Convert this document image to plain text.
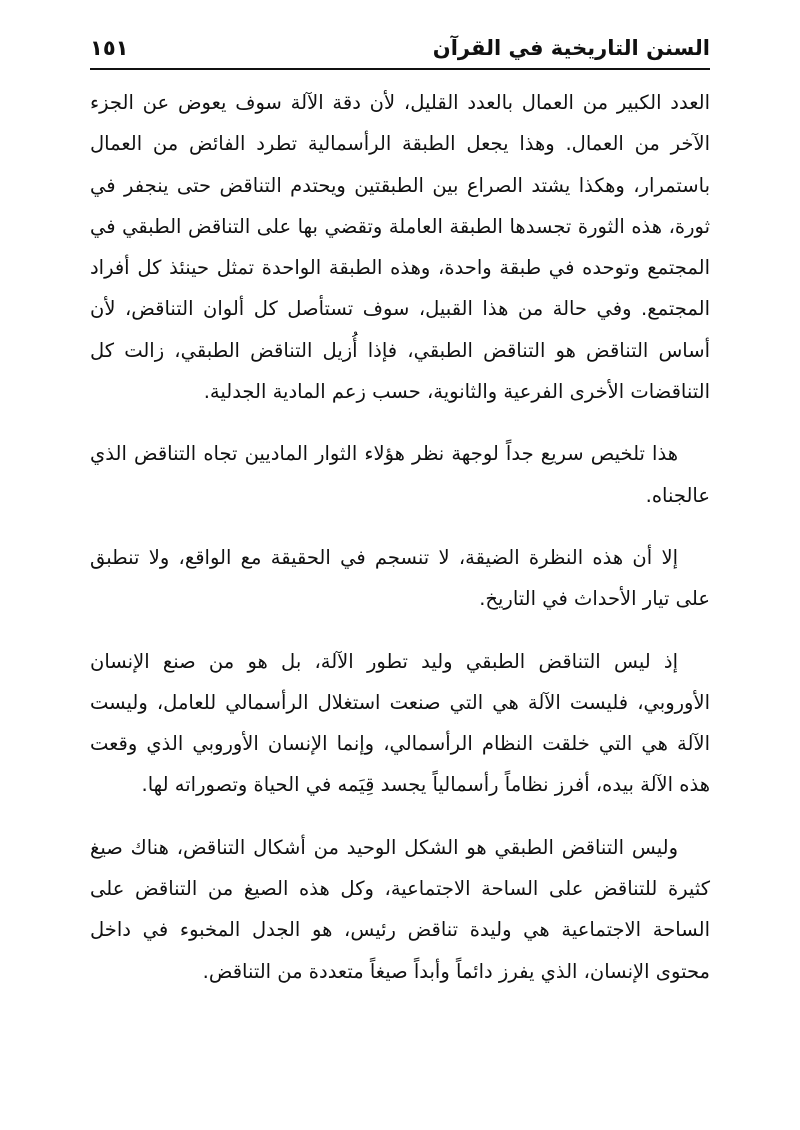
السنن التاريخية في القرآن
١٥١

العدد الكبير من العمال بالعدد القليل، لأن دقة الآلة سوف يعوض عن الجزء الآخر من العمال. وهذا يجعل الطبقة الرأسمالية تطرد الفائض من العمال باستمرار، وهكذا يشتد الصراع بين الطبقتين ويحتدم التناقض حتى ينجفر في ثورة، هذه الثورة تجسدها الطبقة العاملة وتقضي بها على التناقض الطبقي في المجتمع وتوحده في طبقة واحدة، وهذه الطبقة الواحدة تمثل حينئذ كل أفراد المجتمع. وفي حالة من هذا القبيل، سوف تستأصل كل ألوان التناقض، لأن أساس التناقض هو التناقض الطبقي، فإذا أُزيل التناقض الطبقي، زالت كل التناقضات الأخرى الفرعية والثانوية، حسب زعم المادية الجدلية.

هذا تلخيص سريع جداً لوجهة نظر هؤلاء الثوار الماديين تجاه التناقض الذي عالجناه.

إلا أن هذه النظرة الضيقة، لا تنسجم في الحقيقة مع الواقع، ولا تنطبق على تيار الأحداث في التاريخ.

إذ ليس التناقض الطبقي وليد تطور الآلة، بل هو من صنع الإنسان الأوروبي، فليست الآلة هي التي صنعت استغلال الرأسمالي للعامل، وليست الآلة هي التي خلقت النظام الرأسمالي، وإنما الإنسان الأوروبي الذي وقعت هذه الآلة بيده، أفرز نظاماً رأسمالياً يجسد قِيَمه في الحياة وتصوراته لها.

وليس التناقض الطبقي هو الشكل الوحيد من أشكال التناقض، هناك صيغ كثيرة للتناقض على الساحة الاجتماعية، وكل هذه الصيغ من التناقض على الساحة الاجتماعية هي وليدة تناقض رئيس، هو الجدل المخبوء في داخل محتوى الإنسان، الذي يفرز دائماً وأبداً صيغاً متعددة من التناقض.
